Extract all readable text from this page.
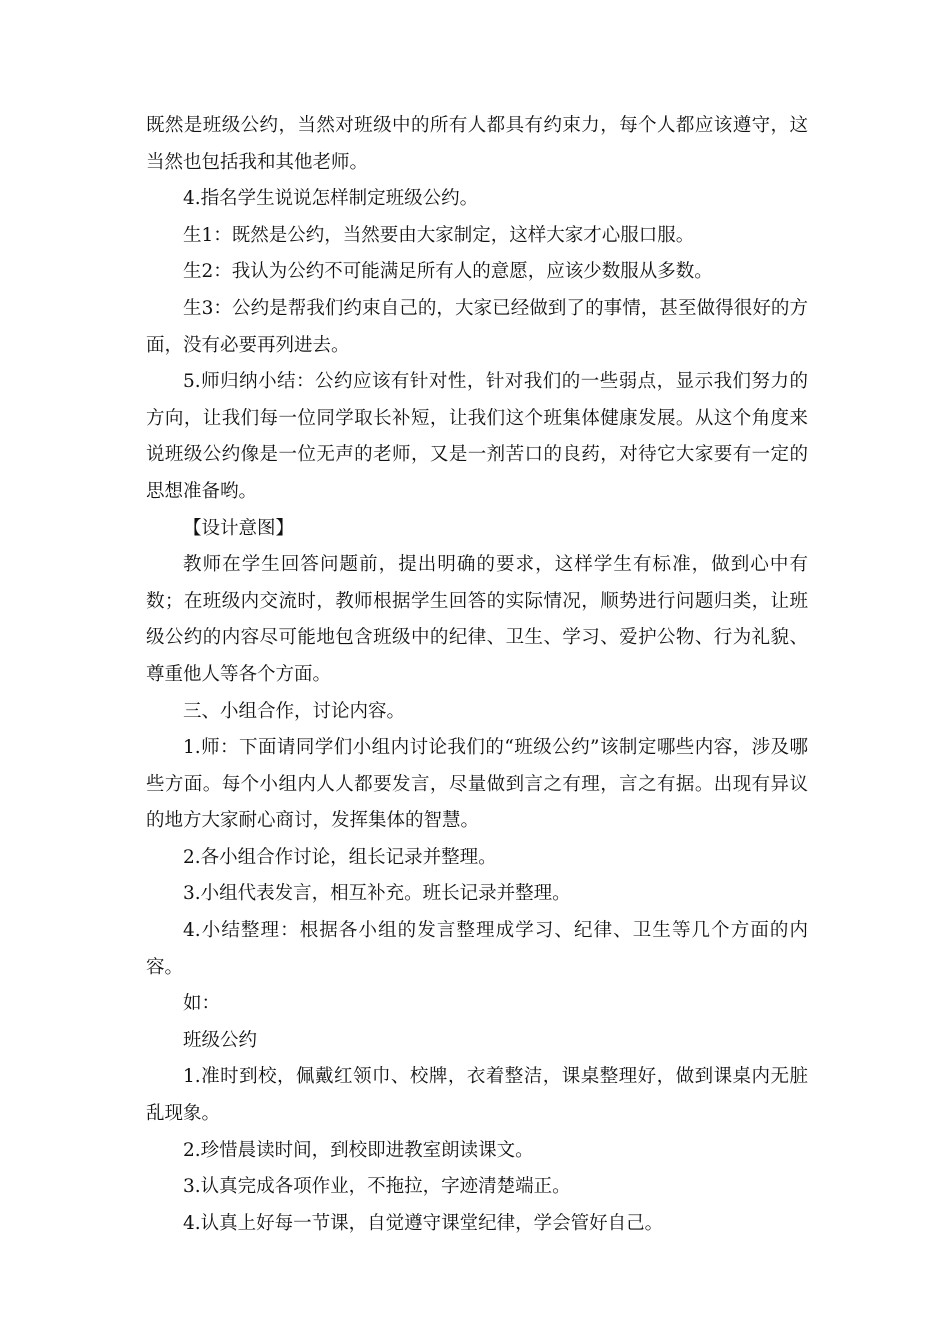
既然是班级公约，当然对班级中的所有人都具有约束力，每个人都应该遵守，这当然也包括我和其他老师。

4.指名学生说说怎样制定班级公约。

生1：既然是公约，当然要由大家制定，这样大家才心服口服。

生2：我认为公约不可能满足所有人的意愿，应该少数服从多数。

生3：公约是帮我们约束自己的，大家已经做到了的事情，甚至做得很好的方面，没有必要再列进去。

5.师归纳小结：公约应该有针对性，针对我们的一些弱点，显示我们努力的方向，让我们每一位同学取长补短，让我们这个班集体健康发展。从这个角度来说班级公约像是一位无声的老师，又是一剂苦口的良药，对待它大家要有一定的思想准备哟。

【设计意图】

教师在学生回答问题前，提出明确的要求，这样学生有标准，做到心中有数；在班级内交流时，教师根据学生回答的实际情况，顺势进行问题归类，让班级公约的内容尽可能地包含班级中的纪律、卫生、学习、爱护公物、行为礼貌、尊重他人等各个方面。

三、小组合作，讨论内容。

1.师：下面请同学们小组内讨论我们的“班级公约”该制定哪些内容，涉及哪些方面。每个小组内人人都要发言，尽量做到言之有理，言之有据。出现有异议的地方大家耐心商讨，发挥集体的智慧。

2.各小组合作讨论，组长记录并整理。

3.小组代表发言，相互补充。班长记录并整理。

4.小结整理：根据各小组的发言整理成学习、纪律、卫生等几个方面的内容。

如：

班级公约

1.准时到校，佩戴红领巾、校牌，衣着整洁，课桌整理好，做到课桌内无脏乱现象。

2.珍惜晨读时间，到校即进教室朗读课文。

3.认真完成各项作业，不拖拉，字迹清楚端正。

4.认真上好每一节课，自觉遵守课堂纪律，学会管好自己。
